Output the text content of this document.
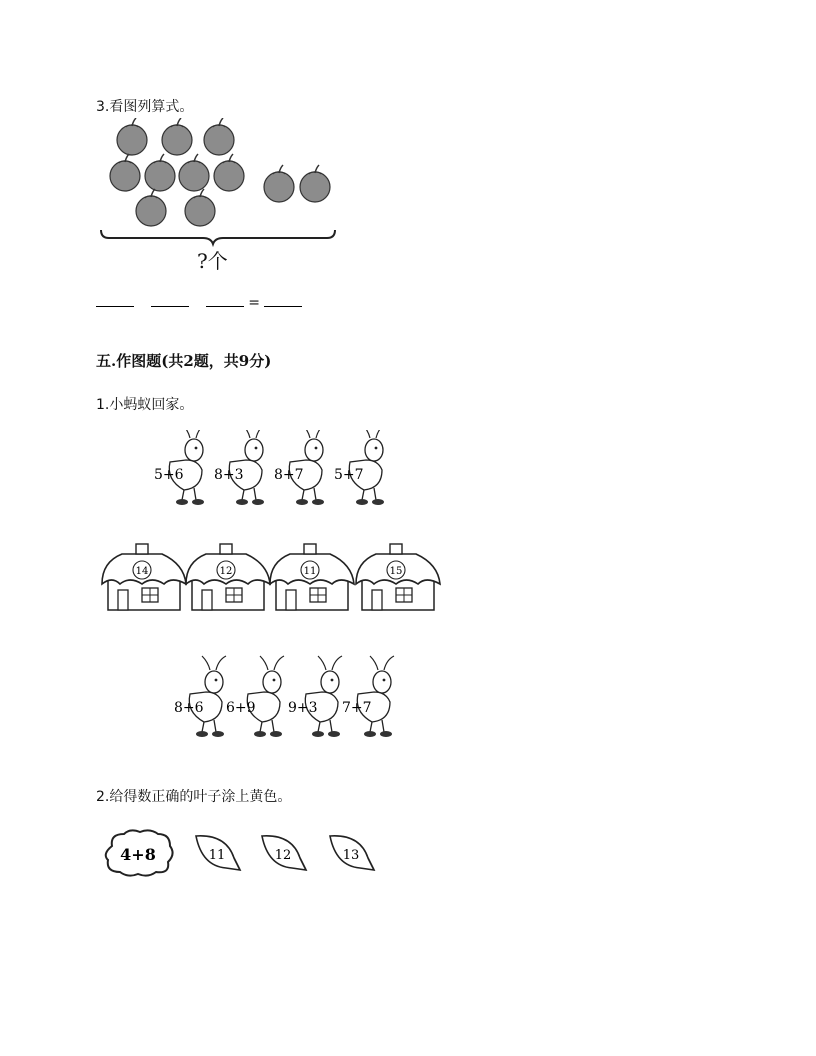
3.看图列算式。
?个
=
五.作图题(共2题，共9分)
1.小蚂蚁回家。
5+6 8+3 8+7 5+7
14	12	11	15
8+6 6+9 9+3 7+7
2.给得数正确的叶子涂上黄色。
4+8	11	12	13
